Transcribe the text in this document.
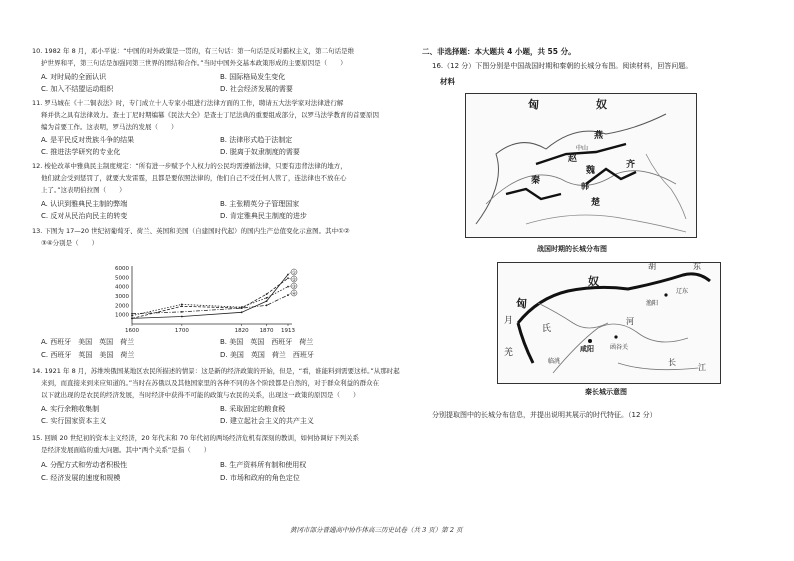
10. 1982 年 8 月，邓小平说：“中国的对外政策是一贯的，有三句话：第一句话是反对霸权主义，第二句话是维
护世界和平，第三句话是加强同第三世界的团结和合作。”当时中国外交基本政策形成的主要原因是（　　）
A. 对时局的全面认识	B. 国际格局发生变化
C. 加入不结盟运动组织	D. 社会经济发展的需要
11. 罗马城在《十二铜表法》时，专门成立十人专家小组进行法律方面的工作，聘请五大法学家对法律进行解
释并供之具有法律效力。查士丁尼时期编纂《民法大全》是查士丁尼法典的重要组成部分，以罗马法学教育的首要原因
编为首要工作。这表明，罗马法的发展（　　）
A. 是平民反对贵族斗争的结果	B. 法律形式趋于法制定
C. 推进法学研究的专业化	D. 脱离于奴隶制度的需要
12. 梭伦改革中雅典民主制度规定：“所有进一步赋予个人权力的公民均需遵循法律，只要有违背法律的地方，
他们就会受到惩罚了，就要大发雷霆，且都是要依照法律的，他们自己不受任何人管了，连法律也不放在心
上了。”这表明伯拉图（　　）
A. 认识到雅典民主制的弊端	B. 主张精英分子管理国家
C. 反对从民治向民主的转变	D. 肯定雅典民主制度的进步
13. 下图为 17—20 世纪初葡萄牙、荷兰、英国和美国（自建国时代起）的国内生产总值变化示意图。其中①②
③④分别是（　　）
1000
2000
3000
4000
5000
6000
1600	1700	1820 1870 1913
①
②
③
④
A. 西班牙　美国　英国　荷兰	B. 美国　英国　西班牙　荷兰
C. 西班牙　英国　美国　荷兰	D. 美国　英国　荷兰　西班牙
14. 1921 年 8 月，苏维埃俄国某地区农民所描述的情景：这是新的经济政策的开始，但是，“看，谁能料到需要这样。”从那时起
来到，而直接来到来应知道的。”当时在苏俄以及其他国家里的各种不同的各个阶段都是自然的，对于群众利益的群众在
以下就出现的是农民的经济发展，当时经济中获得不可能的政策与农民的关系，出现这一政策的原因是（　　）
A. 实行余粮收集制	B. 采取固定的粮食税
C. 实行国家资本主义	D. 建立起社会主义的共产主义
15. 回顾 20 世纪初的资本主义经济，20 年代末和 70 年代初的两场经济危机有深刻的教训，如何协调好下列关系
是经济发展面临的重大问题。其中“两个关系”是指（　　）
A. 分配方式和劳动者积极性	B. 生产资料所有制和使用权
C. 经济发展的速度和规模	D. 市场和政府的角色定位
二、非选择题：本大题共 4 小题，共 55 分。
16.（12 分）下图分别是中国战国时期和秦朝的长城分布图。阅读材料，回答问题。
材料
匈	奴
燕
中山
赵
魏
齐
韩
秦
楚
战国时期的长城分布图
匈
奴
胡	东
辽东
渔阳
咸阳
临洮
函谷关
月
氏
羌
长
江
河
秦长城示意图
分别提取图中的长城分布信息，并提出说明其展示的时代特征。（12 分）
黄冈市部分普通高中协作体高三历史试卷（共 3 页）第 2 页
